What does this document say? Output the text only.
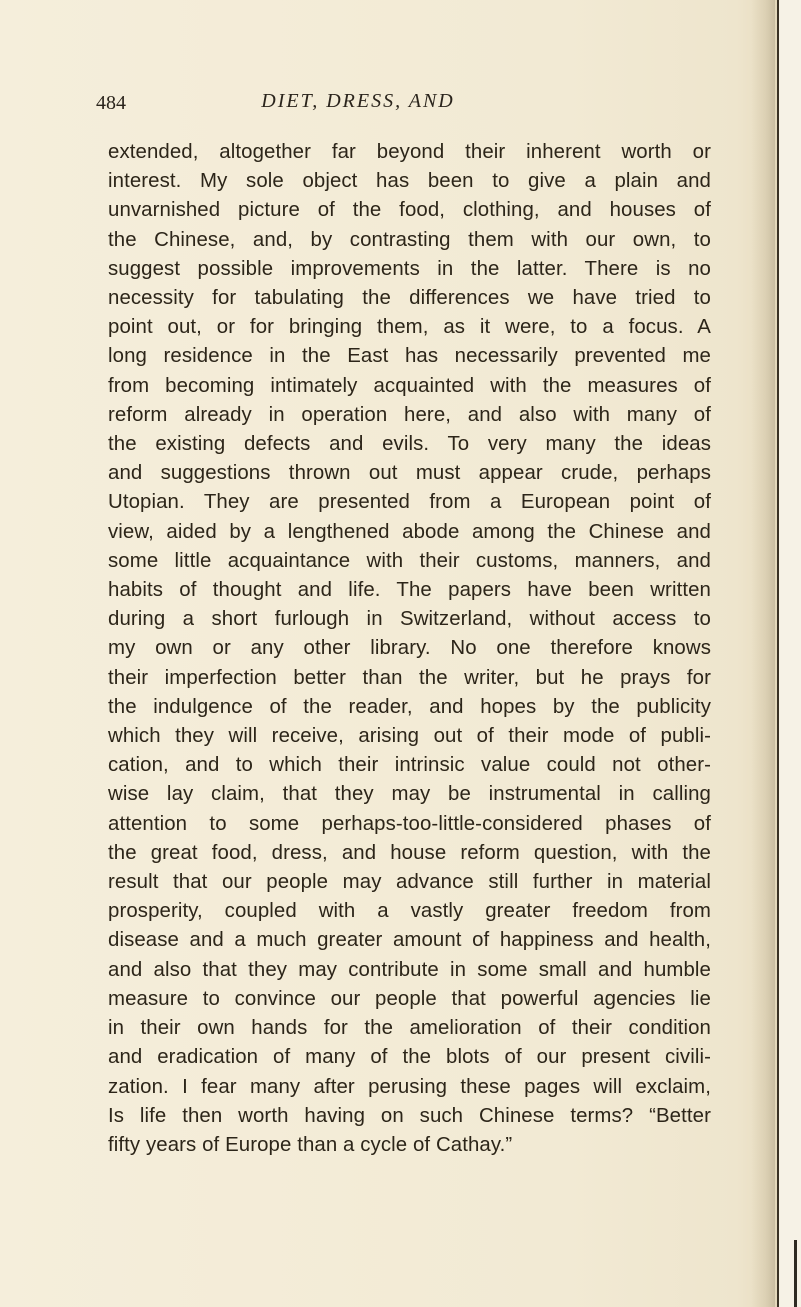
484	DIET, DRESS, AND
extended, altogether far beyond their inherent worth or
interest. My sole object has been to give a plain and
unvarnished picture of the food, clothing, and houses of
the Chinese, and, by contrasting them with our own, to
suggest possible improvements in the latter. There is no
necessity for tabulating the differences we have tried to
point out, or for bringing them, as it were, to a focus. A
long residence in the East has necessarily prevented me
from becoming intimately acquainted with the measures of
reform already in operation here, and also with many of
the existing defects and evils. To very many the ideas
and suggestions thrown out must appear crude, perhaps
Utopian. They are presented from a European point of
view, aided by a lengthened abode among the Chinese and
some little acquaintance with their customs, manners, and
habits of thought and life. The papers have been written
during a short furlough in Switzerland, without access to
my own or any other library. No one therefore knows
their imperfection better than the writer, but he prays for
the indulgence of the reader, and hopes by the publicity
which they will receive, arising out of their mode of publi-
cation, and to which their intrinsic value could not other-
wise lay claim, that they may be instrumental in calling
attention to some perhaps-too-little-considered phases of
the great food, dress, and house reform question, with the
result that our people may advance still further in material
prosperity, coupled with a vastly greater freedom from
disease and a much greater amount of happiness and health,
and also that they may contribute in some small and humble
measure to convince our people that powerful agencies lie
in their own hands for the amelioration of their condition
and eradication of many of the blots of our present civili-
zation. I fear many after perusing these pages will exclaim,
Is life then worth having on such Chinese terms? “Better
fifty years of Europe than a cycle of Cathay.”
